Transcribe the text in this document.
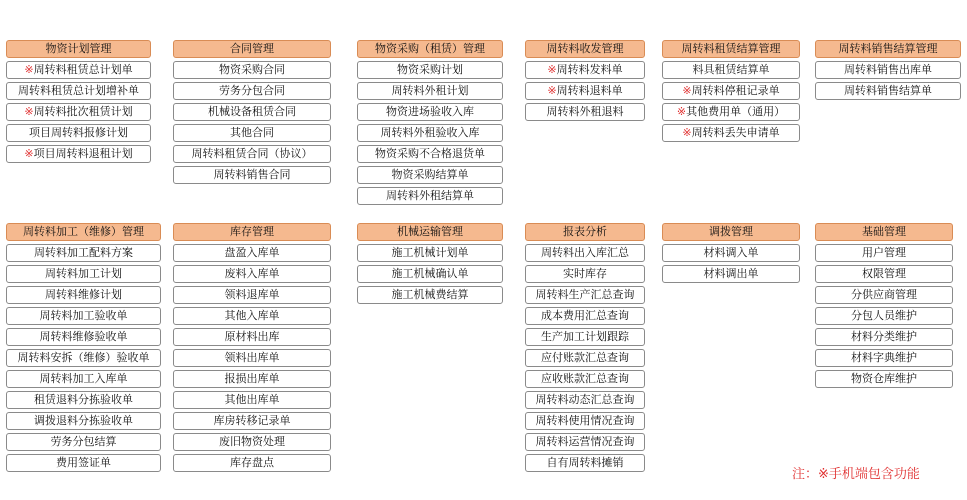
物资计划管理
※周转料租赁总计划单
周转料租赁总计划增补单
※周转料批次租赁计划
项目周转料报修计划
※项目周转料退租计划
合同管理
物资采购合同
劳务分包合同
机械设备租赁合同
其他合同
周转料租赁合同（协议）
周转料销售合同
物资采购（租赁）管理
物资采购计划
周转料外租计划
物资进场验收入库
周转料外租验收入库
物资采购不合格退货单
物资采购结算单
周转料外租结算单
周转料收发管理
※周转料发料单
※周转料退料单
周转料外租退料
周转料租赁结算管理
料具租赁结算单
※周转料停租记录单
※其他费用单（通用）
※周转料丢失申请单
周转料销售结算管理
周转料销售出库单
周转料销售结算单
周转料加工（维修）管理
周转料加工配料方案
周转料加工计划
周转料维修计划
周转料加工验收单
周转料维修验收单
周转料安拆（维修）验收单
周转料加工入库单
租赁退料分拣验收单
调拨退料分拣验收单
劳务分包结算
费用签证单
库存管理
盘盈入库单
废料入库单
领料退库单
其他入库单
原材料出库
领料出库单
报损出库单
其他出库单
库房转移记录单
废旧物资处理
库存盘点
机械运输管理
施工机械计划单
施工机械确认单
施工机械费结算
报表分析
周转料出入库汇总
实时库存
周转料生产汇总查询
成本费用汇总查询
生产加工计划跟踪
应付账款汇总查询
应收账款汇总查询
周转料动态汇总查询
周转料使用情况查询
周转料运营情况查询
自有周转料摊销
调拨管理
材料调入单
材料调出单
基础管理
用户管理
权限管理
分供应商管理
分包人员维护
材料分类维护
材料字典维护
物资仓库维护
注：※手机端包含功能
